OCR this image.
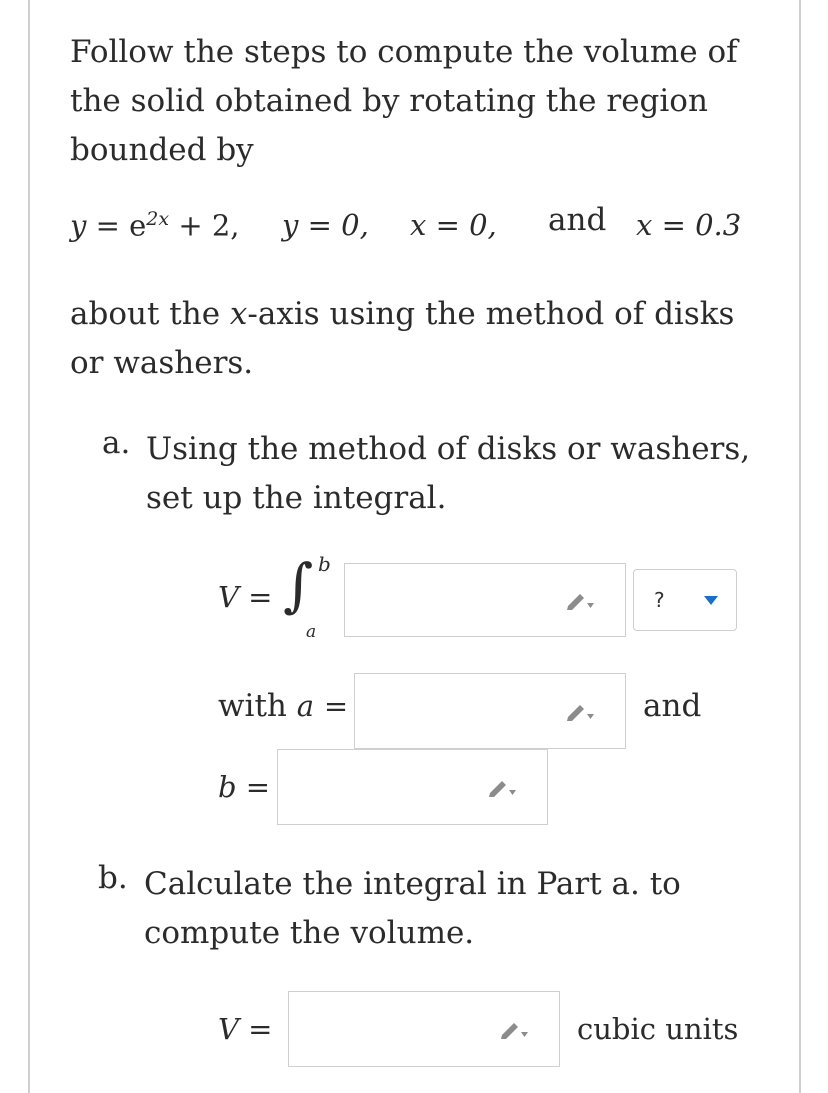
Follow the steps to compute the volume of the solid obtained by rotating the region bounded by
$y = e^{2x} + 2$, y = 0, x = 0, and x = 0.3
about the x-axis using the method of disks or washers.
a. Using the method of disks or washers, set up the integral.
V = ∫ b
a
?
with a =	and
b =
b. Calculate the integral in Part a. to compute the volume.
V =	cubic units
